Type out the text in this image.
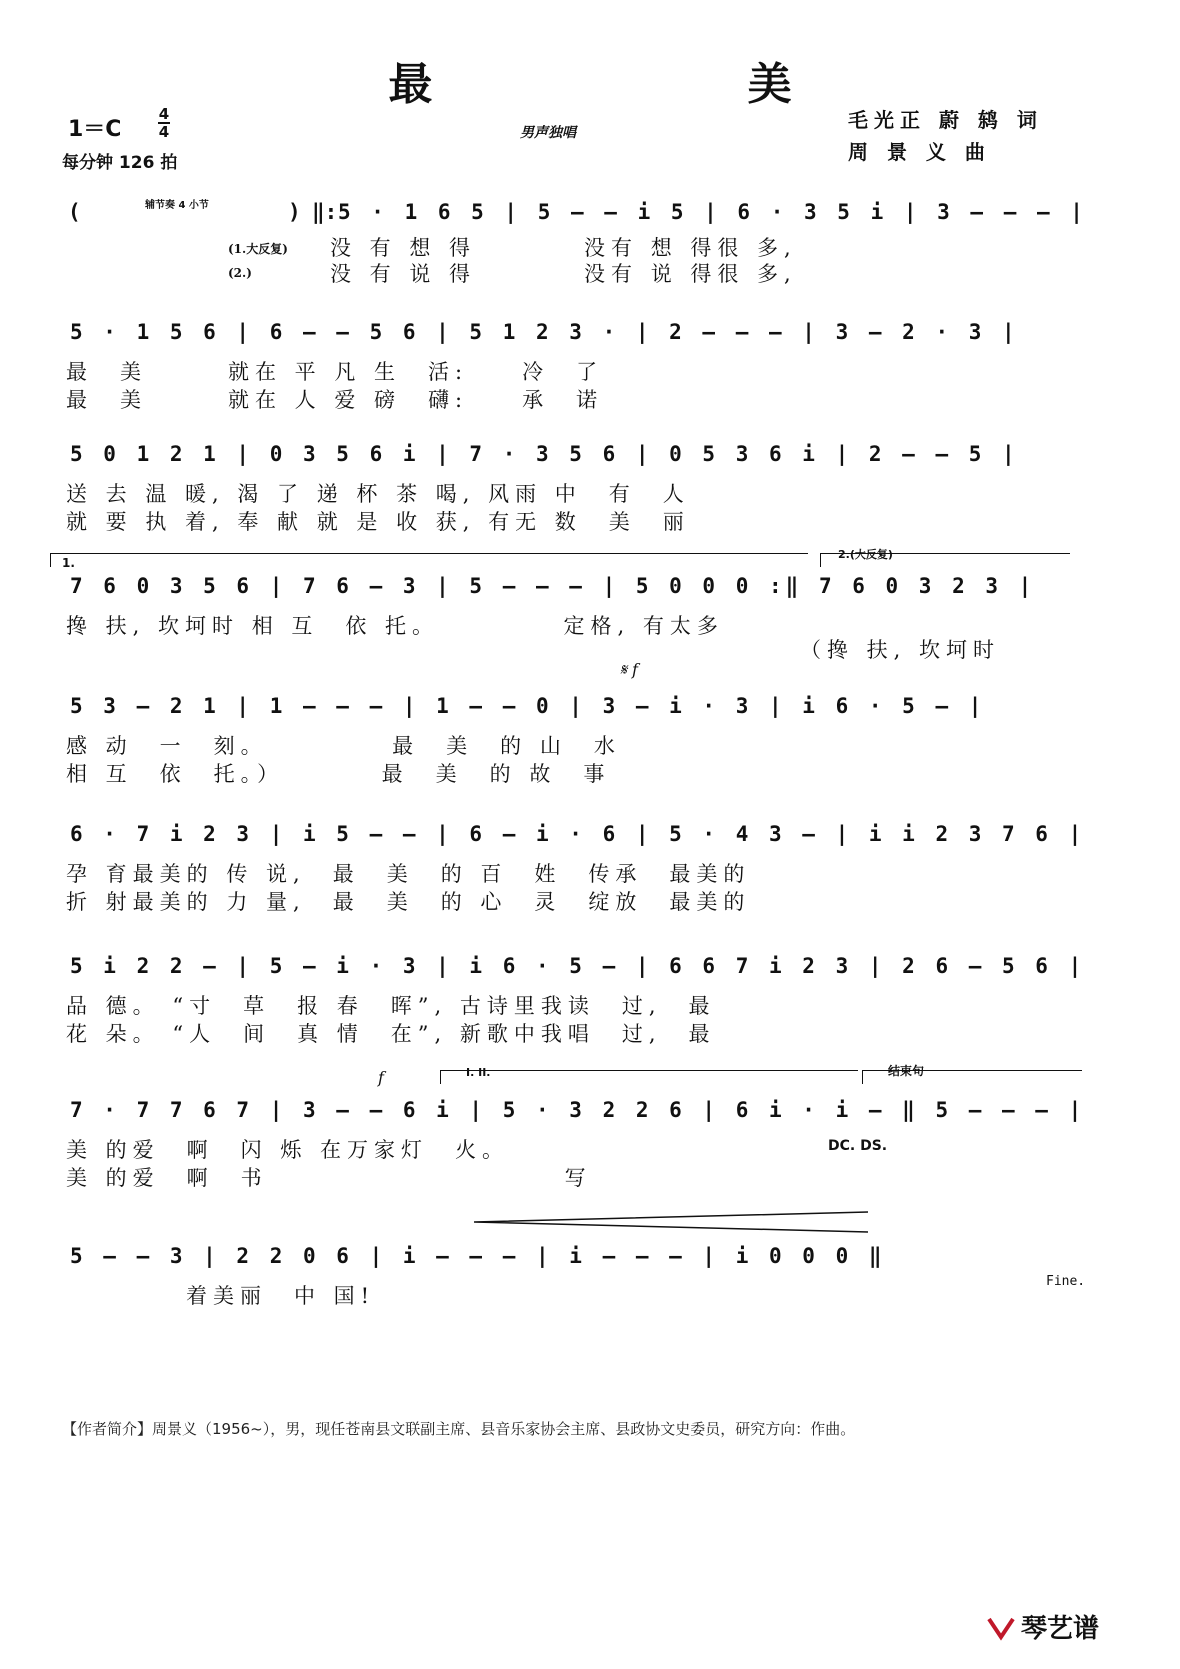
最 美
1＝C
4
4
每分钟 126 拍
男声独唱
毛光正 蔚 鸫 词
周 景 义 曲
(	辅节奏 4 小节	) ‖: 5 · 1 6 5 | 5 – – i 5 | 6 · 3 5 i | 3 – – – |
(1.大反复)
(2.)
没 有 想 得　　　　没有 想 得很 多,
没 有 说 得　　　　没有 说 得很 多,
5 · 1 5 6 | 6 – – 5 6 | 5 1 2 3 · | 2 – – – | 3 – 2 · 3 |
最　美　　　就在 平 凡 生　活:　　冷　了
最　美　　　就在 人 爱 磅　礴:　　承　诺
5 0 1 2 1 | 0 3 5 6 i | 7 · 3 5 6 | 0 5 3 6 i | 2 – – 5 |
送 去 温 暖, 渴 了 递 杯 茶 喝, 风雨 中　有　人
就 要 执 着, 奉 献 就 是 收 获, 有无 数　美　丽
1.
2.(大反复)
7 6 0 3 5 6 | 7 6 – 3 | 5 – – – | 5 0 0 0 :‖ 7 6 0 3 2 3 |
搀 扶, 坎坷时 相 互　依 托。　　　　　定格, 有太多
（搀 扶, 坎坷时
𝄋 f
5 3 – 2 1 | 1 – – – | 1 – – 0 | 3 – i · 3 | i 6 · 5 – |
感 动　一　刻。　　　　　最　美　的 山　水
相 互　依　托。）　　　　最　美　的 故　事
6 · 7 i 2 3 | i 5 – – | 6 – i · 6 | 5 · 4 3 – | i i 2 3 7 6 |
孕 育最美的 传 说,　最　美　的 百　姓　传承　最美的
折 射最美的 力 量,　最　美　的 心　灵　绽放　最美的
5 i 2 2 – | 5 – i · 3 | i 6 · 5 – | 6 6 7 i 2 3 | 2 6 – 5 6 |
品 德。 “寸　草　报 春　晖”, 古诗里我读　过,　最
花 朵。 “人　间　真 情　在”, 新歌中我唱　过,　最
f	I. II.	结束句
7 · 7 7 6 7 | 3 – – 6 i | 5 · 3 2 2 6 | 6 i · i – ‖ 5 – – – |
美 的爱　啊　闪 烁 在万家灯　火。
美 的爱　啊　书　　　　　　　　　　　写
DC. DS.
5 – – 3 | 2 2 0 6 | i – – – | i – – – | i 0 0 0 ‖
着美丽　中 国!
Fine.
【作者简介】周景义（1956~），男，现任苍南县文联副主席、县音乐家协会主席、县政协文史委员，研究方向：作曲。
琴艺谱
